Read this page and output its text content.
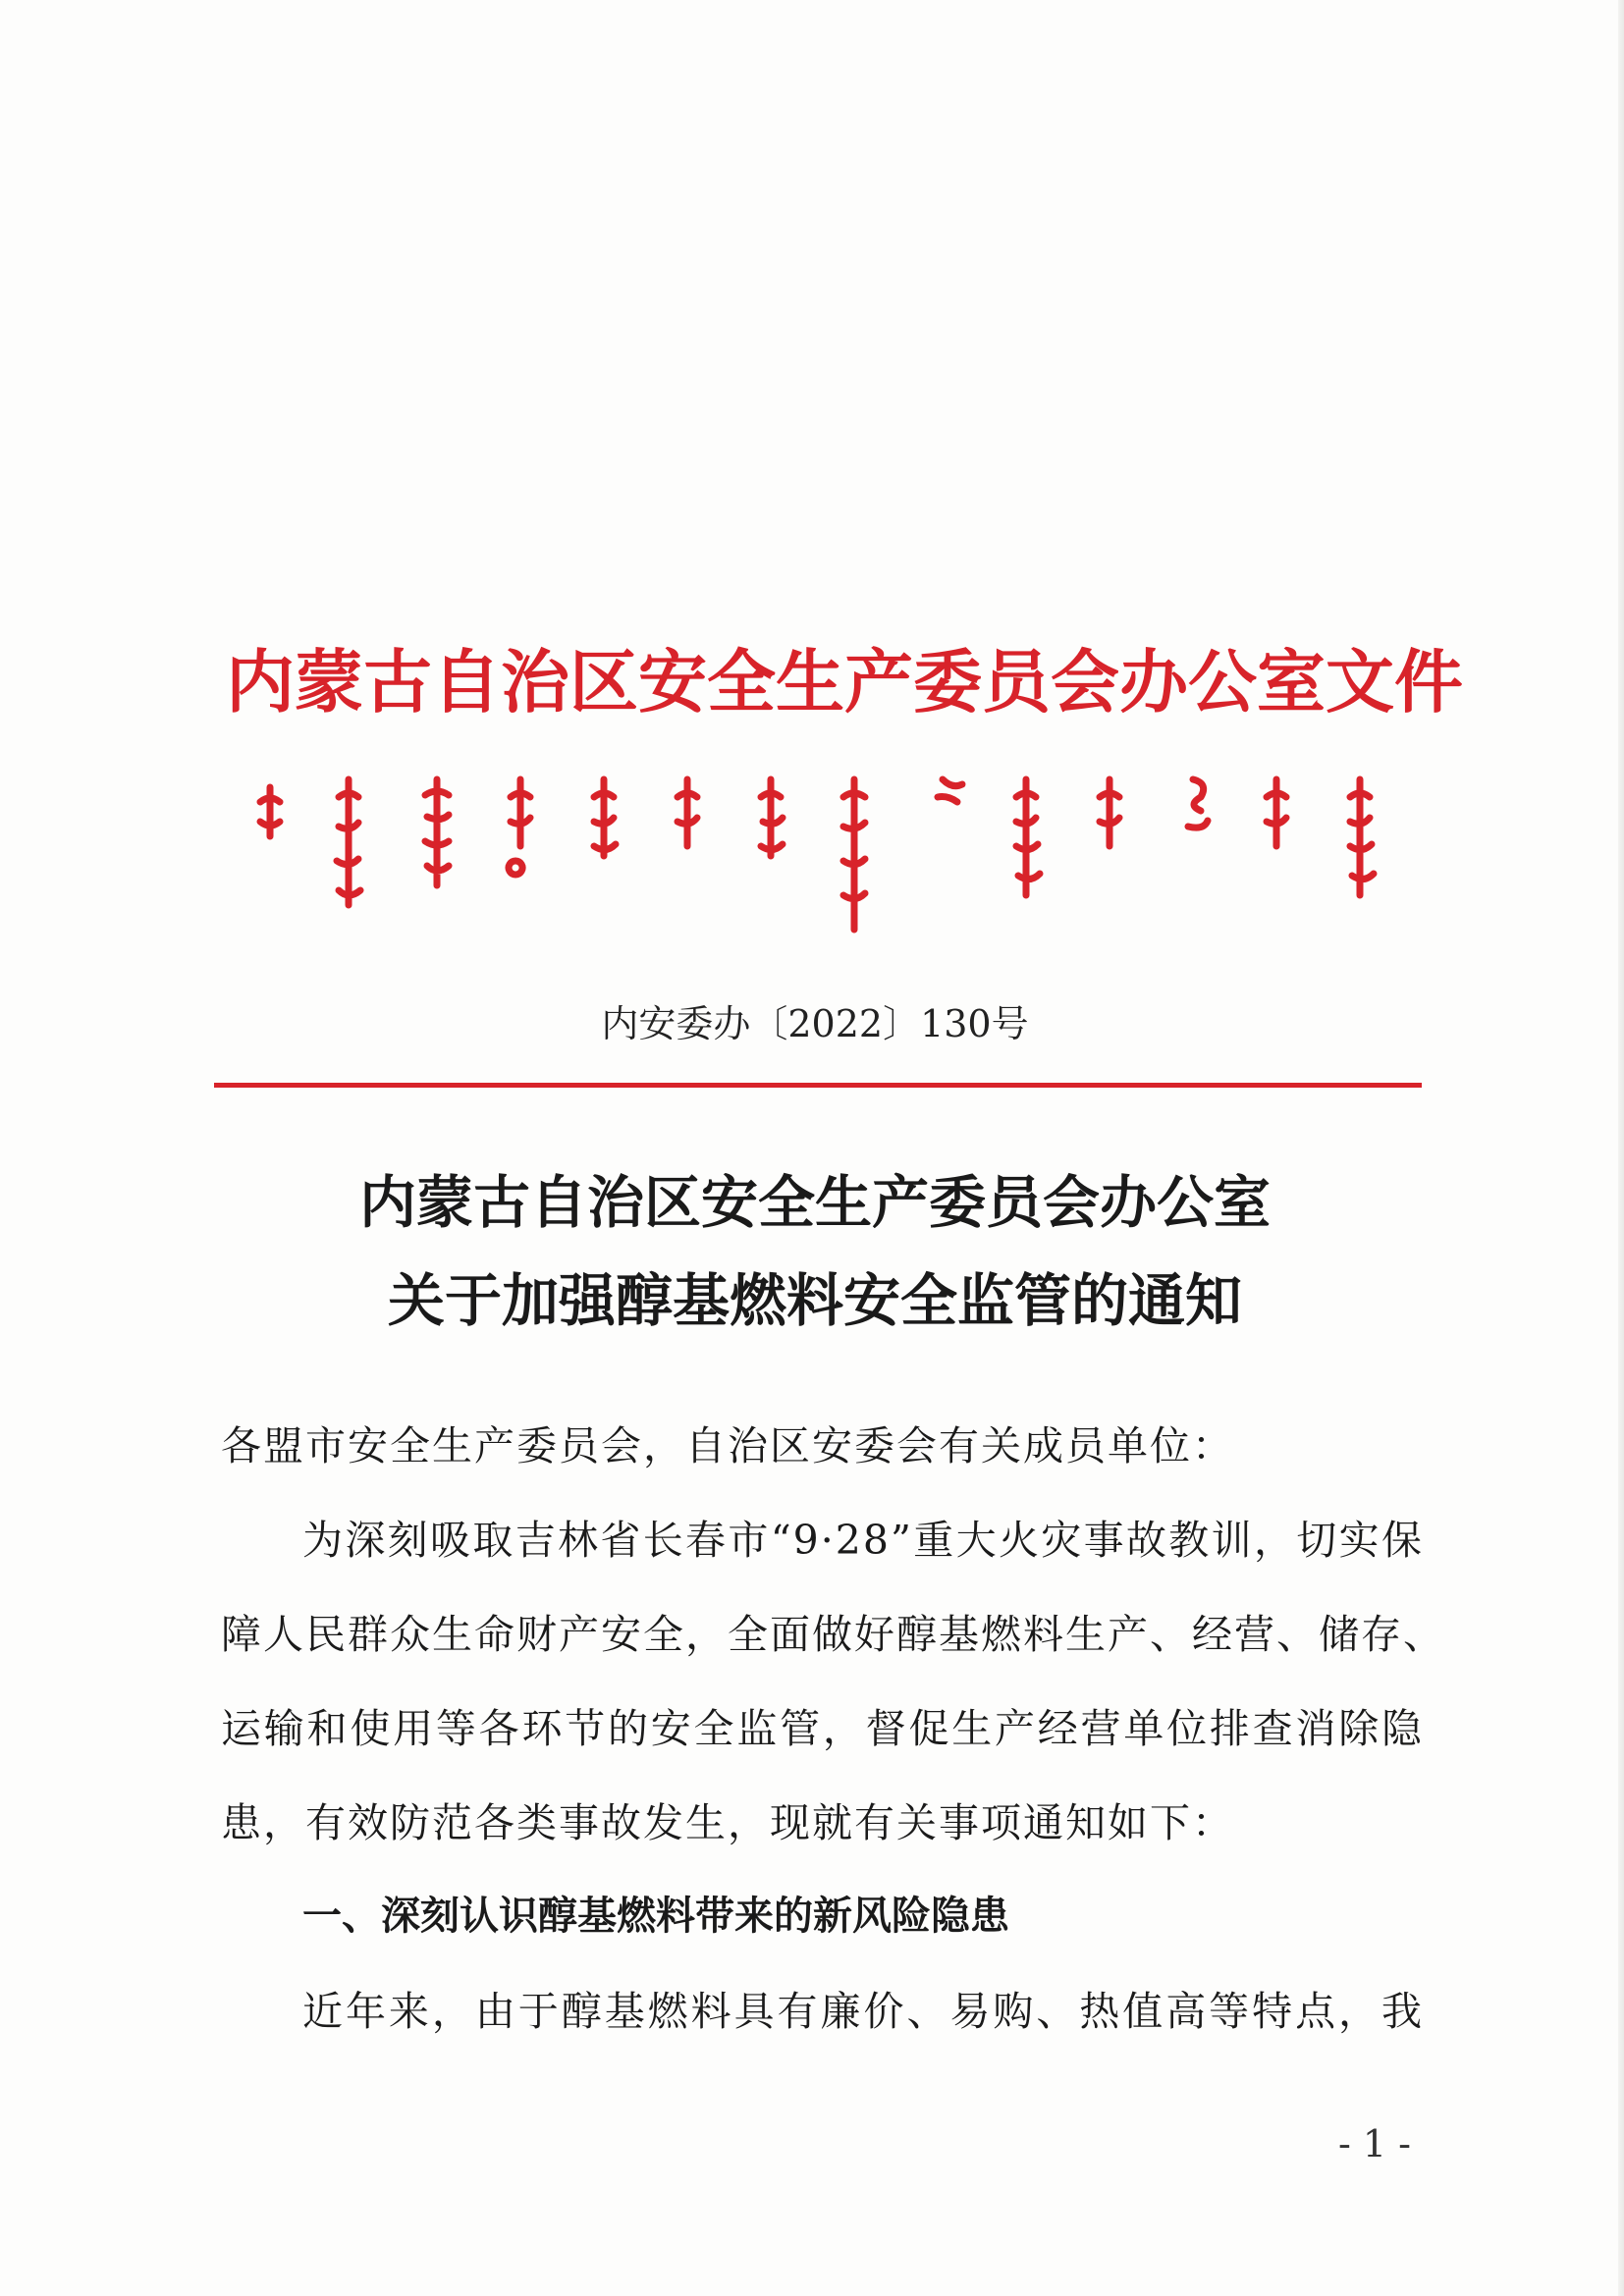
内蒙古自治区安全生产委员会办公室文件
内安委办〔2022〕130号
内蒙古自治区安全生产委员会办公室
关于加强醇基燃料安全监管的通知
各盟市安全生产委员会，自治区安委会有关成员单位：
为深刻吸取吉林省长春市“9·28”重大火灾事故教训，切实保
障人民群众生命财产安全，全面做好醇基燃料生产、经营、储存、
运输和使用等各环节的安全监管，督促生产经营单位排查消除隐
患，有效防范各类事故发生，现就有关事项通知如下：
一、深刻认识醇基燃料带来的新风险隐患
近年来，由于醇基燃料具有廉价、易购、热值高等特点，我
- 1 -
